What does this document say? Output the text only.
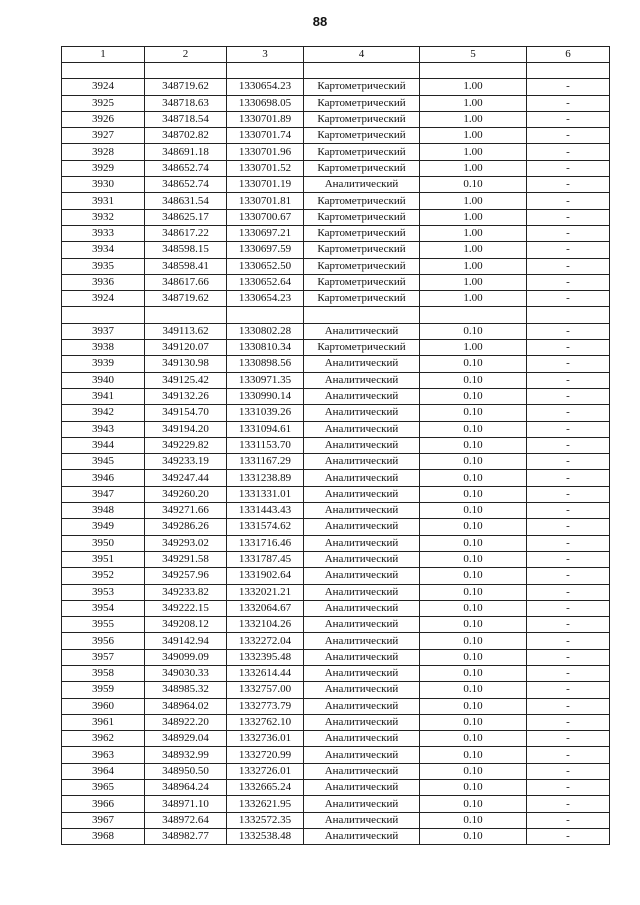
88
1	2	3	4	5	6

3924	348719.62	1330654.23	Картометрический	1.00	-
3925	348718.63	1330698.05	Картометрический	1.00	-
3926	348718.54	1330701.89	Картометрический	1.00	-
3927	348702.82	1330701.74	Картометрический	1.00	-
3928	348691.18	1330701.96	Картометрический	1.00	-
3929	348652.74	1330701.52	Картометрический	1.00	-
3930	348652.74	1330701.19	Аналитический	0.10	-
3931	348631.54	1330701.81	Картометрический	1.00	-
3932	348625.17	1330700.67	Картометрический	1.00	-
3933	348617.22	1330697.21	Картометрический	1.00	-
3934	348598.15	1330697.59	Картометрический	1.00	-
3935	348598.41	1330652.50	Картометрический	1.00	-
3936	348617.66	1330652.64	Картометрический	1.00	-
3924	348719.62	1330654.23	Картометрический	1.00	-

3937	349113.62	1330802.28	Аналитический	0.10	-
3938	349120.07	1330810.34	Картометрический	1.00	-
3939	349130.98	1330898.56	Аналитический	0.10	-
3940	349125.42	1330971.35	Аналитический	0.10	-
3941	349132.26	1330990.14	Аналитический	0.10	-
3942	349154.70	1331039.26	Аналитический	0.10	-
3943	349194.20	1331094.61	Аналитический	0.10	-
3944	349229.82	1331153.70	Аналитический	0.10	-
3945	349233.19	1331167.29	Аналитический	0.10	-
3946	349247.44	1331238.89	Аналитический	0.10	-
3947	349260.20	1331331.01	Аналитический	0.10	-
3948	349271.66	1331443.43	Аналитический	0.10	-
3949	349286.26	1331574.62	Аналитический	0.10	-
3950	349293.02	1331716.46	Аналитический	0.10	-
3951	349291.58	1331787.45	Аналитический	0.10	-
3952	349257.96	1331902.64	Аналитический	0.10	-
3953	349233.82	1332021.21	Аналитический	0.10	-
3954	349222.15	1332064.67	Аналитический	0.10	-
3955	349208.12	1332104.26	Аналитический	0.10	-
3956	349142.94	1332272.04	Аналитический	0.10	-
3957	349099.09	1332395.48	Аналитический	0.10	-
3958	349030.33	1332614.44	Аналитический	0.10	-
3959	348985.32	1332757.00	Аналитический	0.10	-
3960	348964.02	1332773.79	Аналитический	0.10	-
3961	348922.20	1332762.10	Аналитический	0.10	-
3962	348929.04	1332736.01	Аналитический	0.10	-
3963	348932.99	1332720.99	Аналитический	0.10	-
3964	348950.50	1332726.01	Аналитический	0.10	-
3965	348964.24	1332665.24	Аналитический	0.10	-
3966	348971.10	1332621.95	Аналитический	0.10	-
3967	348972.64	1332572.35	Аналитический	0.10	-
3968	348982.77	1332538.48	Аналитический	0.10	-
